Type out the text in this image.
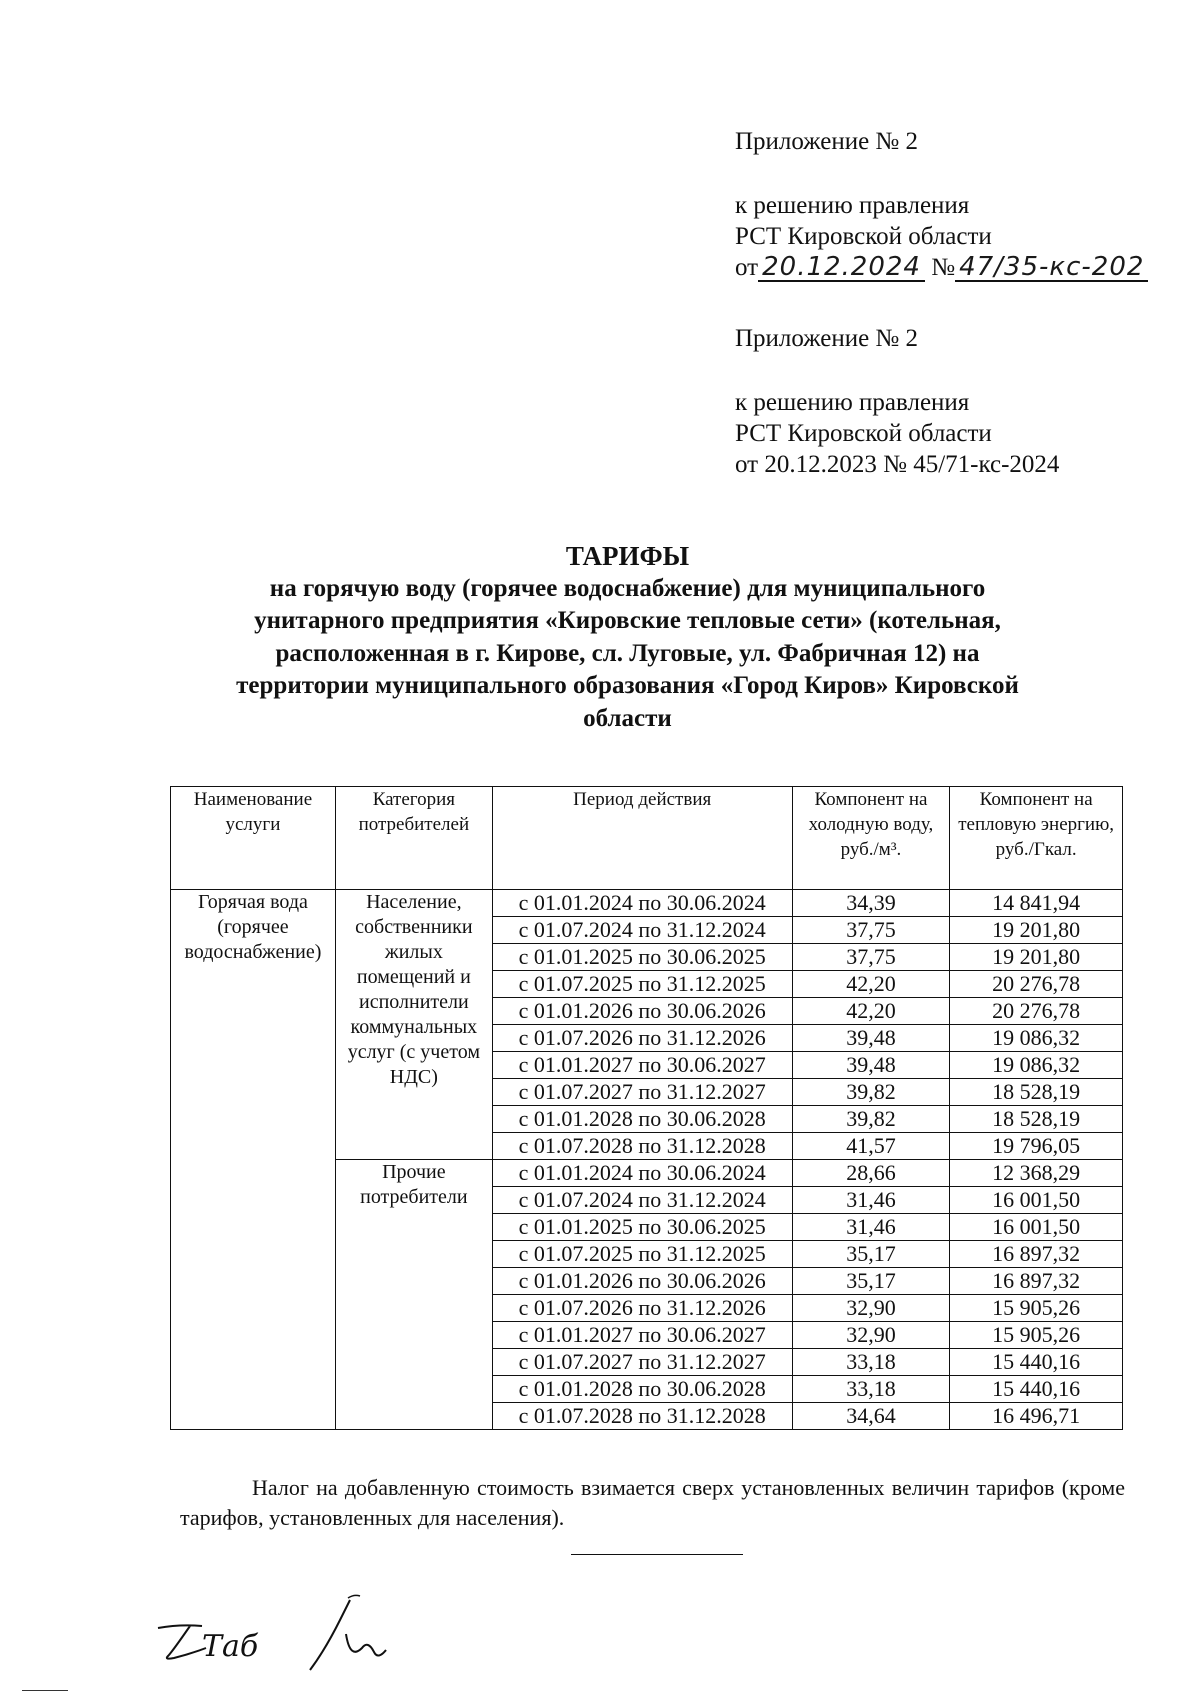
Приложение № 2

к решению правления

РСТ Кировской области

от 20.12.2024 № 47/35-кс-202

Приложение № 2

к решению правления

РСТ Кировской области

от 20.12.2023 № 45/71-кс-2024

ТАРИФЫ
на горячую воду (горячее водоснабжение) для муниципального
унитарного предприятия «Кировские тепловые сети» (котельная,
расположенная в г. Кирове, сл. Луговые, ул. Фабричная 12) на
территории муниципального образования «Город Киров» Кировской
области
Наименование услуги	Категория потребителей	Период действия	Компонент на холодную воду, руб./м³.	Компонент на тепловую энергию, руб./Гкал.
Горячая вода (горячее водоснабжение)	Население, собственники жилых помещений и исполнители коммунальных услуг (с учетом НДС)	с 01.01.2024 по 30.06.2024	34,39	14 841,94
		с 01.07.2024 по 31.12.2024	37,75	19 201,80
		с 01.01.2025 по 30.06.2025	37,75	19 201,80
		с 01.07.2025 по 31.12.2025	42,20	20 276,78
		с 01.01.2026 по 30.06.2026	42,20	20 276,78
		с 01.07.2026 по 31.12.2026	39,48	19 086,32
		с 01.01.2027 по 30.06.2027	39,48	19 086,32
		с 01.07.2027 по 31.12.2027	39,82	18 528,19
		с 01.01.2028 по 30.06.2028	39,82	18 528,19
		с 01.07.2028 по 31.12.2028	41,57	19 796,05
	Прочие потребители	с 01.01.2024 по 30.06.2024	28,66	12 368,29
		с 01.07.2024 по 31.12.2024	31,46	16 001,50
		с 01.01.2025 по 30.06.2025	31,46	16 001,50
		с 01.07.2025 по 31.12.2025	35,17	16 897,32
		с 01.01.2026 по 30.06.2026	35,17	16 897,32
		с 01.07.2026 по 31.12.2026	32,90	15 905,26
		с 01.01.2027 по 30.06.2027	32,90	15 905,26
		с 01.07.2027 по 31.12.2027	33,18	15 440,16
		с 01.01.2028 по 30.06.2028	33,18	15 440,16
		с 01.07.2028 по 31.12.2028	34,64	16 496,71

Налог на добавленную стоимость взимается сверх установленных величин тарифов (кроме тарифов, установленных для населения).

Таб
